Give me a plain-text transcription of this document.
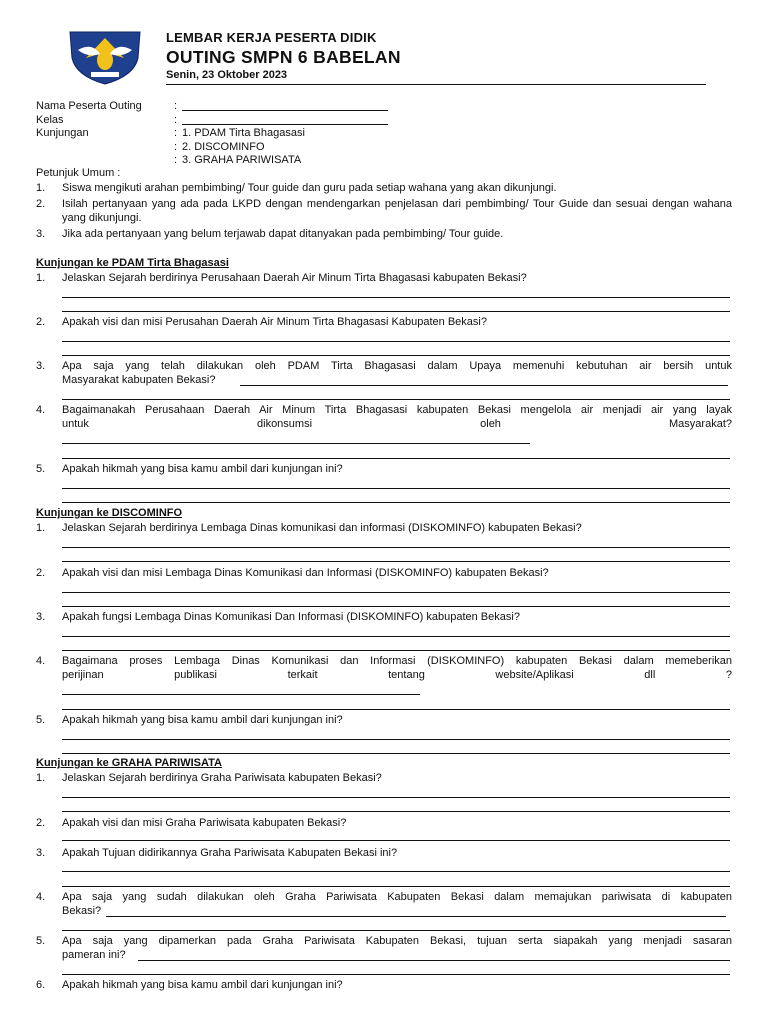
LEMBAR KERJA PESERTA DIDIK
OUTING SMPN 6 BABELAN
Senin, 23 Oktober 2023
Nama Peserta Outing	:
Kelas	:
Kunjungan	: 1. PDAM Tirta Bhagasasi
: 2. DISCOMINFO
: 3. GRAHA PARIWISATA
Petunjuk Umum :
1. Siswa mengikuti arahan pembimbing/ Tour guide dan guru pada setiap wahana yang akan dikunjungi.
2. Isilah pertanyaan yang ada pada LKPD dengan mendengarkan penjelasan dari pembimbing/ Tour Guide dan sesuai dengan wahana yang dikunjungi.
3. Jika ada pertanyaan yang belum terjawab dapat ditanyakan pada pembimbing/ Tour guide.
Kunjungan ke PDAM Tirta Bhagasasi
1. Jelaskan Sejarah berdirinya Perusahaan Daerah Air Minum Tirta Bhagasasi kabupaten Bekasi?
2. Apakah visi dan misi Perusahan Daerah Air Minum Tirta Bhagasasi Kabupaten Bekasi?
3. Apa saja yang telah dilakukan oleh PDAM Tirta Bhagasasi dalam Upaya memenuhi kebutuhan air bersih untuk
Masyarakat kabupaten Bekasi?
4. Bagaimanakah Perusahaan Daerah Air Minum Tirta Bhagasasi kabupaten Bekasi mengelola air menjadi air yang layak
untuk dikonsumsi oleh Masyarakat?
5. Apakah hikmah yang bisa kamu ambil dari kunjungan ini?
Kunjungan ke DISCOMINFO
1. Jelaskan Sejarah berdirinya Lembaga Dinas komunikasi dan informasi (DISKOMINFO) kabupaten Bekasi?
2. Apakah visi dan misi Lembaga Dinas Komunikasi dan Informasi (DISKOMINFO) kabupaten Bekasi?
3. Apakah fungsi Lembaga Dinas Komunikasi Dan Informasi (DISKOMINFO) kabupaten Bekasi?
4. Bagaimana proses Lembaga Dinas Komunikasi dan Informasi (DISKOMINFO) kabupaten Bekasi dalam memeberikan
perijinan publikasi terkait tentang website/Aplikasi dll ?
5. Apakah hikmah yang bisa kamu ambil dari kunjungan ini?
Kunjungan ke GRAHA PARIWISATA
1. Jelaskan Sejarah berdirinya Graha Pariwisata kabupaten Bekasi?
2. Apakah visi dan misi Graha Pariwisata kabupaten Bekasi?
3. Apakah Tujuan didirikannya Graha Pariwisata Kabupaten Bekasi ini?
4. Apa saja yang sudah dilakukan oleh Graha Pariwisata Kabupaten Bekasi dalam memajukan pariwisata di kabupaten
Bekasi?
5. Apa saja yang dipamerkan pada Graha Pariwisata Kabupaten Bekasi, tujuan serta siapakah yang menjadi sasaran
pameran ini?
6. Apakah hikmah yang bisa kamu ambil dari kunjungan ini?
